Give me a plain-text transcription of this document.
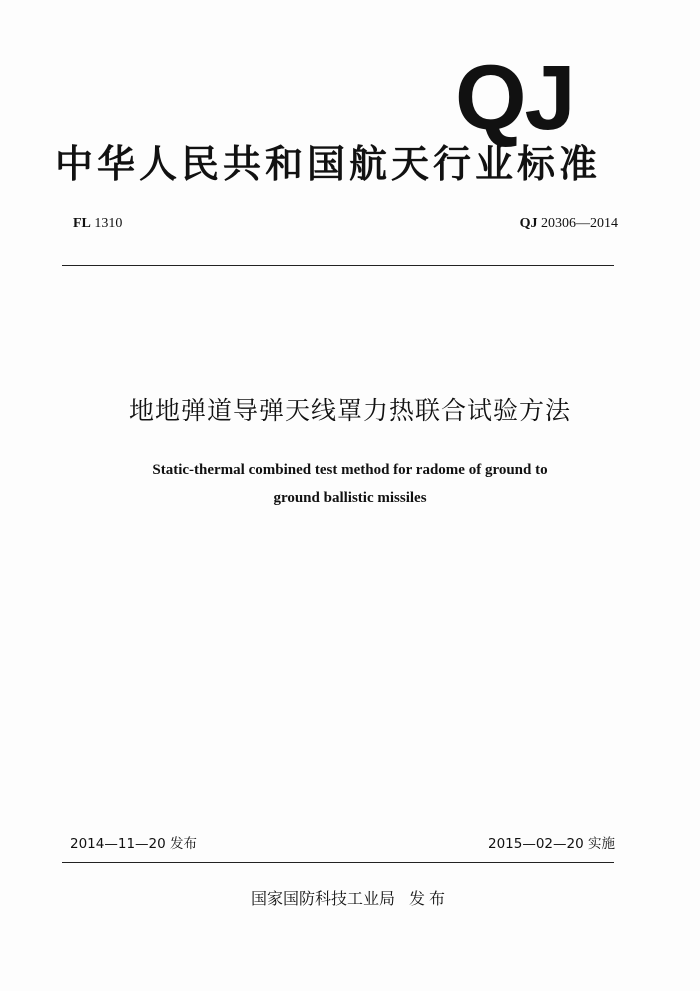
QJ
中华人民共和国航天行业标准
FL 1310	QJ 20306—2014
地地弹道导弹天线罩力热联合试验方法
Static-thermal combined test method for radome of ground to
ground ballistic missiles
2014—11—20 发布	2015—02—20 实施
国家国防科技工业局 发布
